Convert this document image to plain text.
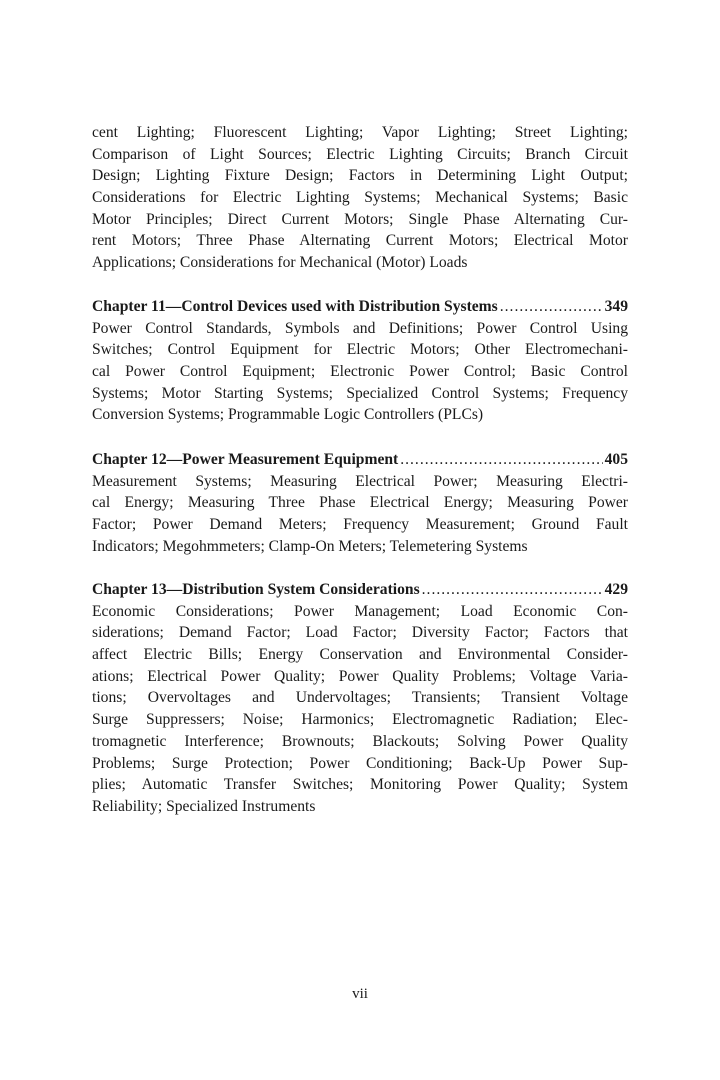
cent Lighting; Fluorescent Lighting; Vapor Lighting; Street Lighting;
Comparison of Light Sources; Electric Lighting Circuits; Branch Circuit
Design; Lighting Fixture Design; Factors in Determining Light Output;
Considerations for Electric Lighting Systems; Mechanical Systems; Basic
Motor Principles; Direct Current Motors; Single Phase Alternating Cur-
rent Motors; Three Phase Alternating Current Motors; Electrical Motor
Applications; Considerations for Mechanical (Motor) Loads
Chapter 11—Control Devices used with Distribution Systems .....	349
Power Control Standards, Symbols and Definitions; Power Control Using
Switches; Control Equipment for Electric Motors; Other Electromechani-
cal Power Control Equipment; Electronic Power Control; Basic Control
Systems; Motor Starting Systems; Specialized Control Systems; Frequency
Conversion Systems; Programmable Logic Controllers (PLCs)
Chapter 12—Power Measurement Equipment .....	405
Measurement Systems; Measuring Electrical Power; Measuring Electri-
cal Energy; Measuring Three Phase Electrical Energy; Measuring Power
Factor; Power Demand Meters; Frequency Measurement; Ground Fault
Indicators; Megohmmeters; Clamp-On Meters; Telemetering Systems
Chapter 13—Distribution System Considerations .....	429
Economic Considerations; Power Management; Load Economic Con-
siderations; Demand Factor; Load Factor; Diversity Factor; Factors that
affect Electric Bills; Energy Conservation and Environmental Consider-
ations; Electrical Power Quality; Power Quality Problems; Voltage Varia-
tions; Overvoltages and Undervoltages; Transients; Transient Voltage
Surge Suppressers; Noise; Harmonics; Electromagnetic Radiation; Elec-
tromagnetic Interference; Brownouts; Blackouts; Solving Power Quality
Problems; Surge Protection; Power Conditioning; Back-Up Power Sup-
plies; Automatic Transfer Switches; Monitoring Power Quality; System
Reliability; Specialized Instruments
vii
